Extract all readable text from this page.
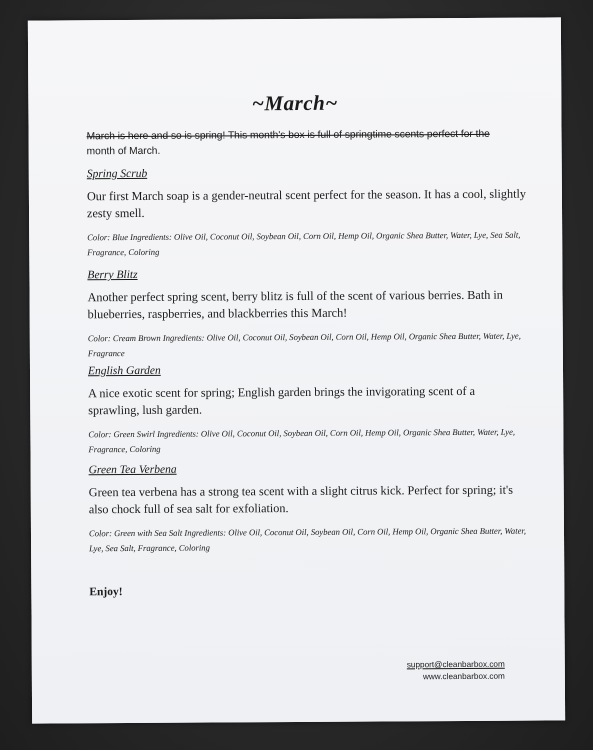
~March~
March is here and so is spring! This month's box is full of springtime scents perfect for the month of March.
Spring Scrub
Our first March soap is a gender-neutral scent perfect for the season. It has a cool, slightly zesty smell.
Color: Blue Ingredients: Olive Oil, Coconut Oil, Soybean Oil, Corn Oil, Hemp Oil, Organic Shea Butter, Water, Lye, Sea Salt, Fragrance, Coloring
Berry Blitz
Another perfect spring scent, berry blitz is full of the scent of various berries. Bath in blueberries, raspberries, and blackberries this March!
Color: Cream Brown Ingredients: Olive Oil, Coconut Oil, Soybean Oil, Corn Oil, Hemp Oil, Organic Shea Butter, Water, Lye, Fragrance
English Garden
A nice exotic scent for spring; English garden brings the invigorating scent of a sprawling, lush garden.
Color: Green Swirl Ingredients: Olive Oil, Coconut Oil, Soybean Oil, Corn Oil, Hemp Oil, Organic Shea Butter, Water, Lye, Fragrance, Coloring
Green Tea Verbena
Green tea verbena has a strong tea scent with a slight citrus kick. Perfect for spring; it's also chock full of sea salt for exfoliation.
Color: Green with Sea Salt Ingredients: Olive Oil, Coconut Oil, Soybean Oil, Corn Oil, Hemp Oil, Organic Shea Butter, Water, Lye, Sea Salt, Fragrance, Coloring
Enjoy!
support@cleanbarbox.com
www.cleanbarbox.com
